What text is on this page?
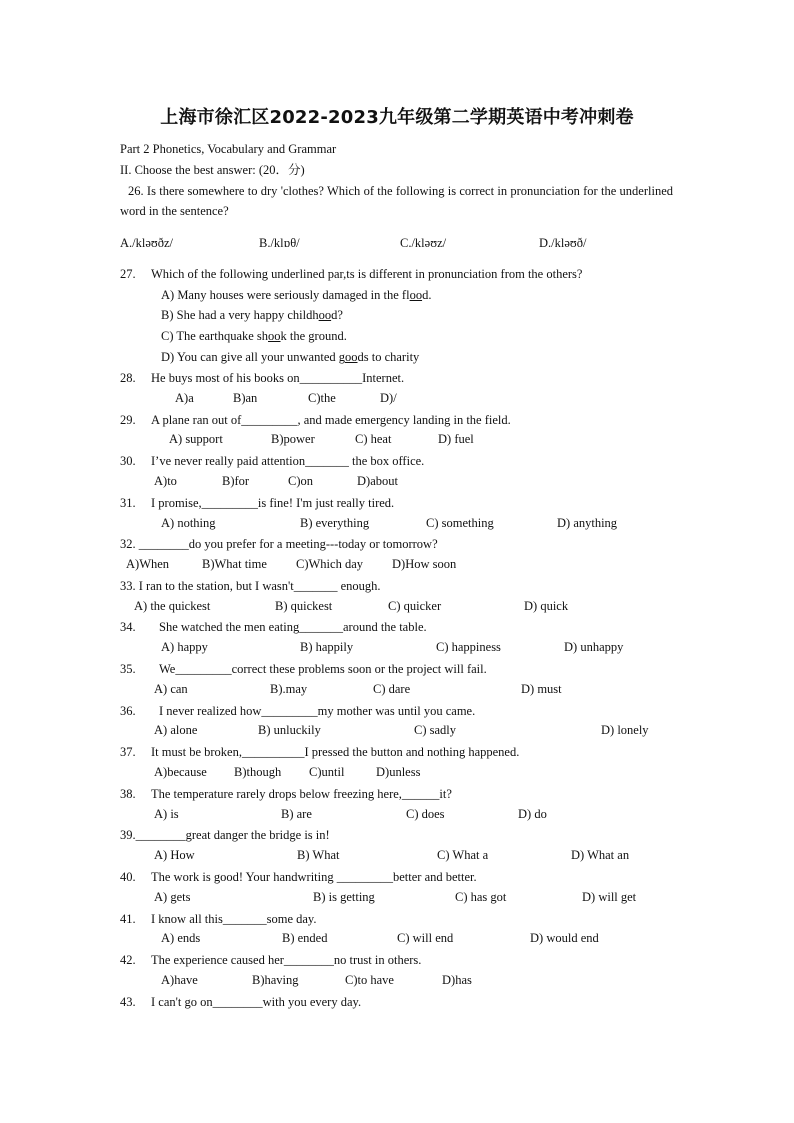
上海市徐汇区2022-2023九年级第二学期英语中考冲刺卷
Part 2 Phonetics, Vocabulary and Grammar
II. Choose the best answer: (20．分)
26. Is there somewhere to dry 'clothes? Which of the following is correct in pronunciation for the underlined word in the sentence?
A./kləʊðz/	B./klɒθ/	C./kləʊz/	D./kləʊð/
27. Which of the following underlined par,ts is different in pronunciation from the others?
A) Many houses were seriously damaged in the flood.
B) She had a very happy childhood?
C) The earthquake shook the ground.
D) You can give all your unwanted goods to charity
28. He buys most of his books on__________Internet.
A)a	B)an	C)the	D)/
29. A plane ran out of_________, and made emergency landing in the field.
A) support	B)power	C) heat	D) fuel
30. I’ve never really paid attention_______ the box office.
A)to	B)for	C)on	D)about
31. I promise,_________is fine! I'm just really tired.
A) nothing	B) everything	C) something	D) anything
32. ________do you prefer for a meeting---today or tomorrow?
A)When	B)What time C)Which day D)How soon
33. I ran to the station, but I wasn't_______ enough.
A) the quickest	B) quickest	C) quicker	D) quick
34. She watched the men eating_______around the table.
A) happy	B) happily	C) happiness	D) unhappy
35. We_________correct these problems soon or the project will fail.
A) can	B).may	C) dare	D) must
36. I never realized how_________my mother was until you came.
A) alone	B) unluckily	C) sadly	D) lonely
37. It must be broken,__________I pressed the button and nothing happened.
A)because B)though C)until	D)unless
38. The temperature rarely drops below freezing here,______it?
A) is	B) are	C) does	D) do
39.________great danger the bridge is in!
A) How	B) What	C) What a	D) What an
40. The work is good! Your handwriting _________better and better.
A) gets	B) is getting	C) has got	D) will get
41. I know all this_______some day.
A) ends	B) ended	C) will end	D) would end
42. The experience caused her________no trust in others.
A)have	B)having	C)to have	D)has
43. I can't go on________with you every day.
